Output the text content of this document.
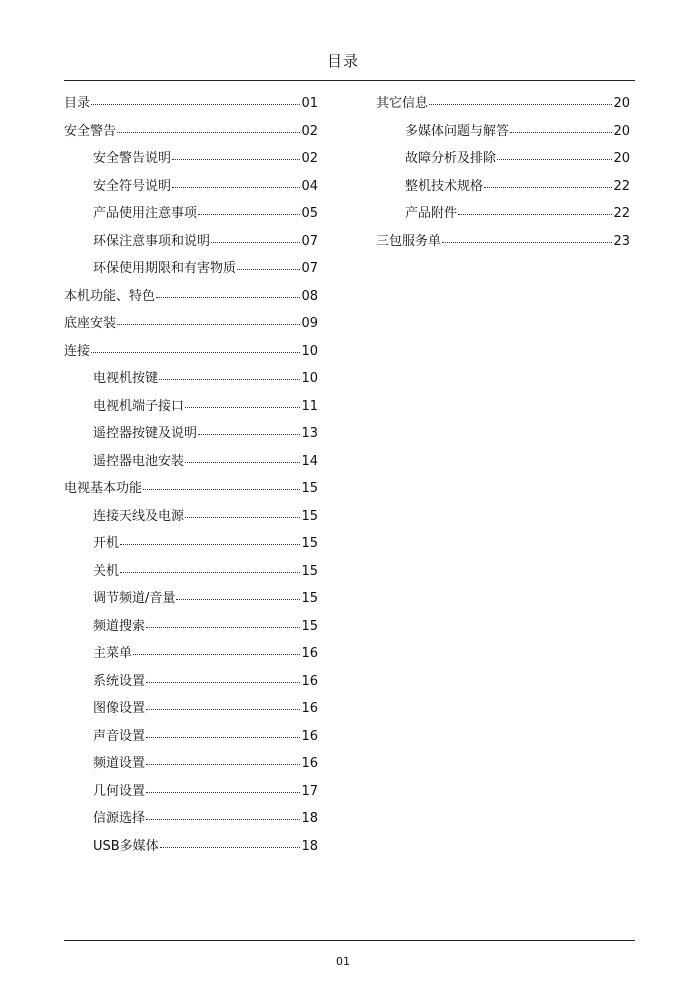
目录
目录	01
安全警告	02
安全警告说明	02
安全符号说明	04
产品使用注意事项	05
环保注意事项和说明	07
环保使用期限和有害物质	07
本机功能、特色	08
底座安装	09
连接	10
电视机按键	10
电视机端子接口	11
遥控器按键及说明	13
遥控器电池安装	14
电视基本功能	15
连接天线及电源	15
开机	15
关机	15
调节频道/音量	15
频道搜索	15
主菜单	16
系统设置	16
图像设置	16
声音设置	16
频道设置	16
几何设置	17
信源选择	18
USB多媒体	18
其它信息	20
多媒体问题与解答	20
故障分析及排除	20
整机技术规格	22
产品附件	22
三包服务单	23
01
